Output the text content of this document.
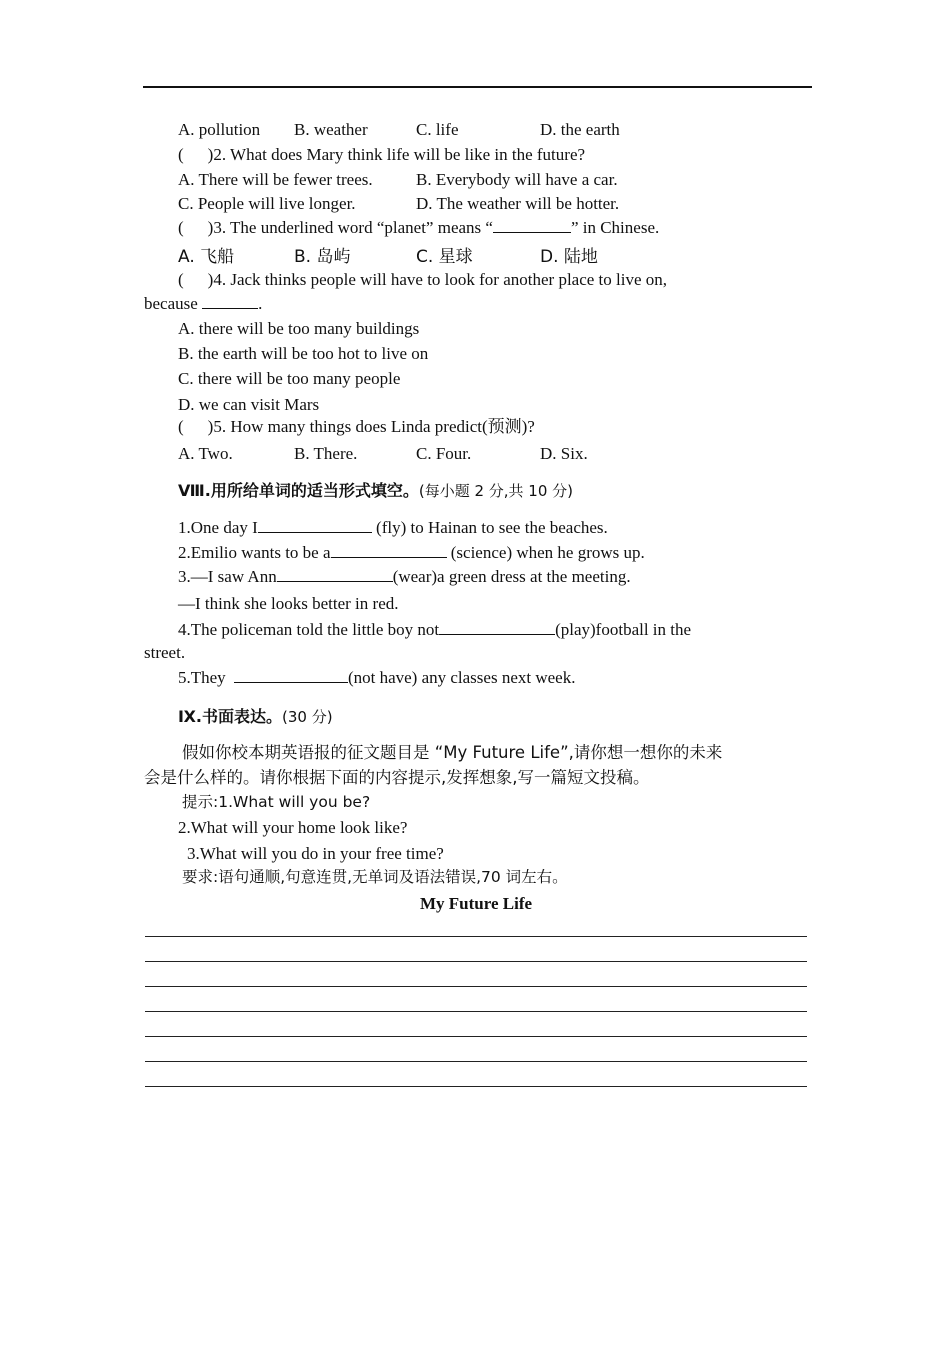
A. pollution B. weather	C. life	D. the earth
( )2. What does Mary think life will be like in the future?
A. There will be fewer trees.	B. Everybody will have a car.
C. People will live longer.	D. The weather will be hotter.
( )3. The underlined word “planet” means “	” in Chinese.
A. 飞船	B. 岛屿	C. 星球	D. 陆地
( )4. Jack thinks people will have to look for another place to live on,
because	.
A. there will be too many buildings
B. the earth will be too hot to live on
C. there will be too many people
D. we can visit Mars
( )5. How many things does Linda predict(预测)?
A. Two.	B. There.	C. Four.	D. Six.
Ⅷ.用所给单词的适当形式填空。(每小题 2 分,共 10 分)
1.One day I	(fly) to Hainan to see the beaches.
2.Emilio wants to be a	(science) when he grows up.
3.—I saw Ann	(wear)a green dress at the meeting.
—I think she looks better in red.
4.The policeman told the little boy not	(play)football in the
street.
5.They	(not have) any classes next week.
Ⅸ.书面表达。(30 分)
假如你校本期英语报的征文题目是 “My Future Life”,请你想一想你的未来
会是什么样的。请你根据下面的内容提示,发挥想象,写一篇短文投稿。
提示:1.What will you be?
2.What will your home look like?
3.What will you do in your free time?
要求:语句通顺,句意连贯,无单词及语法错误,70 词左右。
My Future Life
